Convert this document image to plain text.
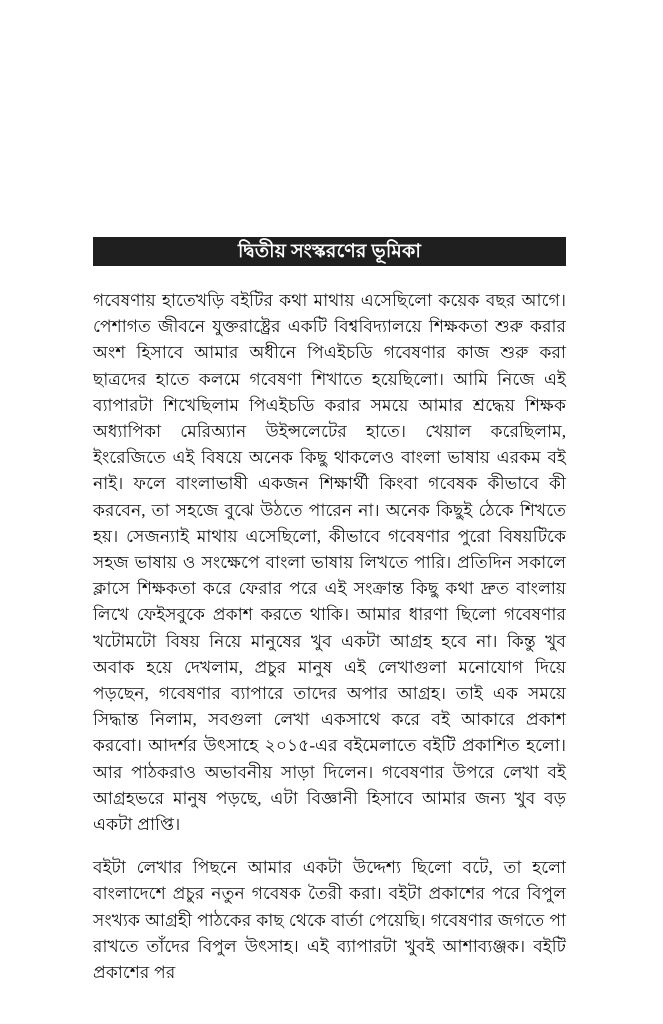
দ্বিতীয় সংস্করণের ভূমিকা

গবেষণায় হাতেখড়ি বইটির কথা মাথায় এসেছিলো কয়েক বছর আগে। পেশাগত জীবনে যুক্তরাষ্ট্রের একটি বিশ্ববিদ্যালয়ে শিক্ষকতা শুরু করার অংশ হিসাবে আমার অধীনে পিএইচডি গবেষণার কাজ শুরু করা ছাত্রদের হাতে কলমে গবেষণা শিখাতে হয়েছিলো। আমি নিজে এই ব্যাপারটা শিখেছিলাম পিএইচডি করার সময়ে আমার শ্রদ্ধেয় শিক্ষক অধ্যাপিকা মেরিঅ্যান উইন্সলেটের হাতে। খেয়াল করেছিলাম, ইংরেজিতে এই বিষয়ে অনেক কিছু থাকলেও বাংলা ভাষায় এরকম বই নাই। ফলে বাংলাভাষী একজন শিক্ষার্থী কিংবা গবেষক কীভাবে কী করবেন, তা সহজে বুঝে উঠতে পারেন না। অনেক কিছুই ঠেকে শিখতে হয়। সেজন্যাই মাথায় এসেছিলো, কীভাবে গবেষণার পুরো বিষয়টিকে সহজ ভাষায় ও সংক্ষেপে বাংলা ভাষায় লিখতে পারি। প্রতিদিন সকালে ক্লাসে শিক্ষকতা করে ফেরার পরে এই সংক্রান্ত কিছু কথা দ্রুত বাংলায় লিখে ফেইসবুকে প্রকাশ করতে থাকি। আমার ধারণা ছিলো গবেষণার খটোমটো বিষয় নিয়ে মানুষের খুব একটা আগ্রহ হবে না। কিন্তু খুব অবাক হয়ে দেখলাম, প্রচুর মানুষ এই লেখাগুলা মনোযোগ দিয়ে পড়ছেন, গবেষণার ব্যাপারে তাদের অপার আগ্রহ। তাই এক সময়ে সিদ্ধান্ত নিলাম, সবগুলা লেখা একসাথে করে বই আকারে প্রকাশ করবো। আদর্শর উৎসাহে ২০১৫-এর বইমেলাতে বইটি প্রকাশিত হলো। আর পাঠকরাও অভাবনীয় সাড়া দিলেন। গবেষণার উপরে লেখা বই আগ্রহভরে মানুষ পড়ছে, এটা বিজ্ঞানী হিসাবে আমার জন্য খুব বড় একটা প্রাপ্তি।

বইটা লেখার পিছনে আমার একটা উদ্দেশ্য ছিলো বটে, তা হলো বাংলাদেশে প্রচুর নতুন গবেষক তৈরী করা। বইটা প্রকাশের পরে বিপুল সংখ্যক আগ্রহী পাঠকের কাছ থেকে বার্তা পেয়েছি। গবেষণার জগতে পা রাখতে তাঁদের বিপুল উৎসাহ। এই ব্যাপারটা খুবই আশাব্যঞ্জক। বইটি প্রকাশের পর
